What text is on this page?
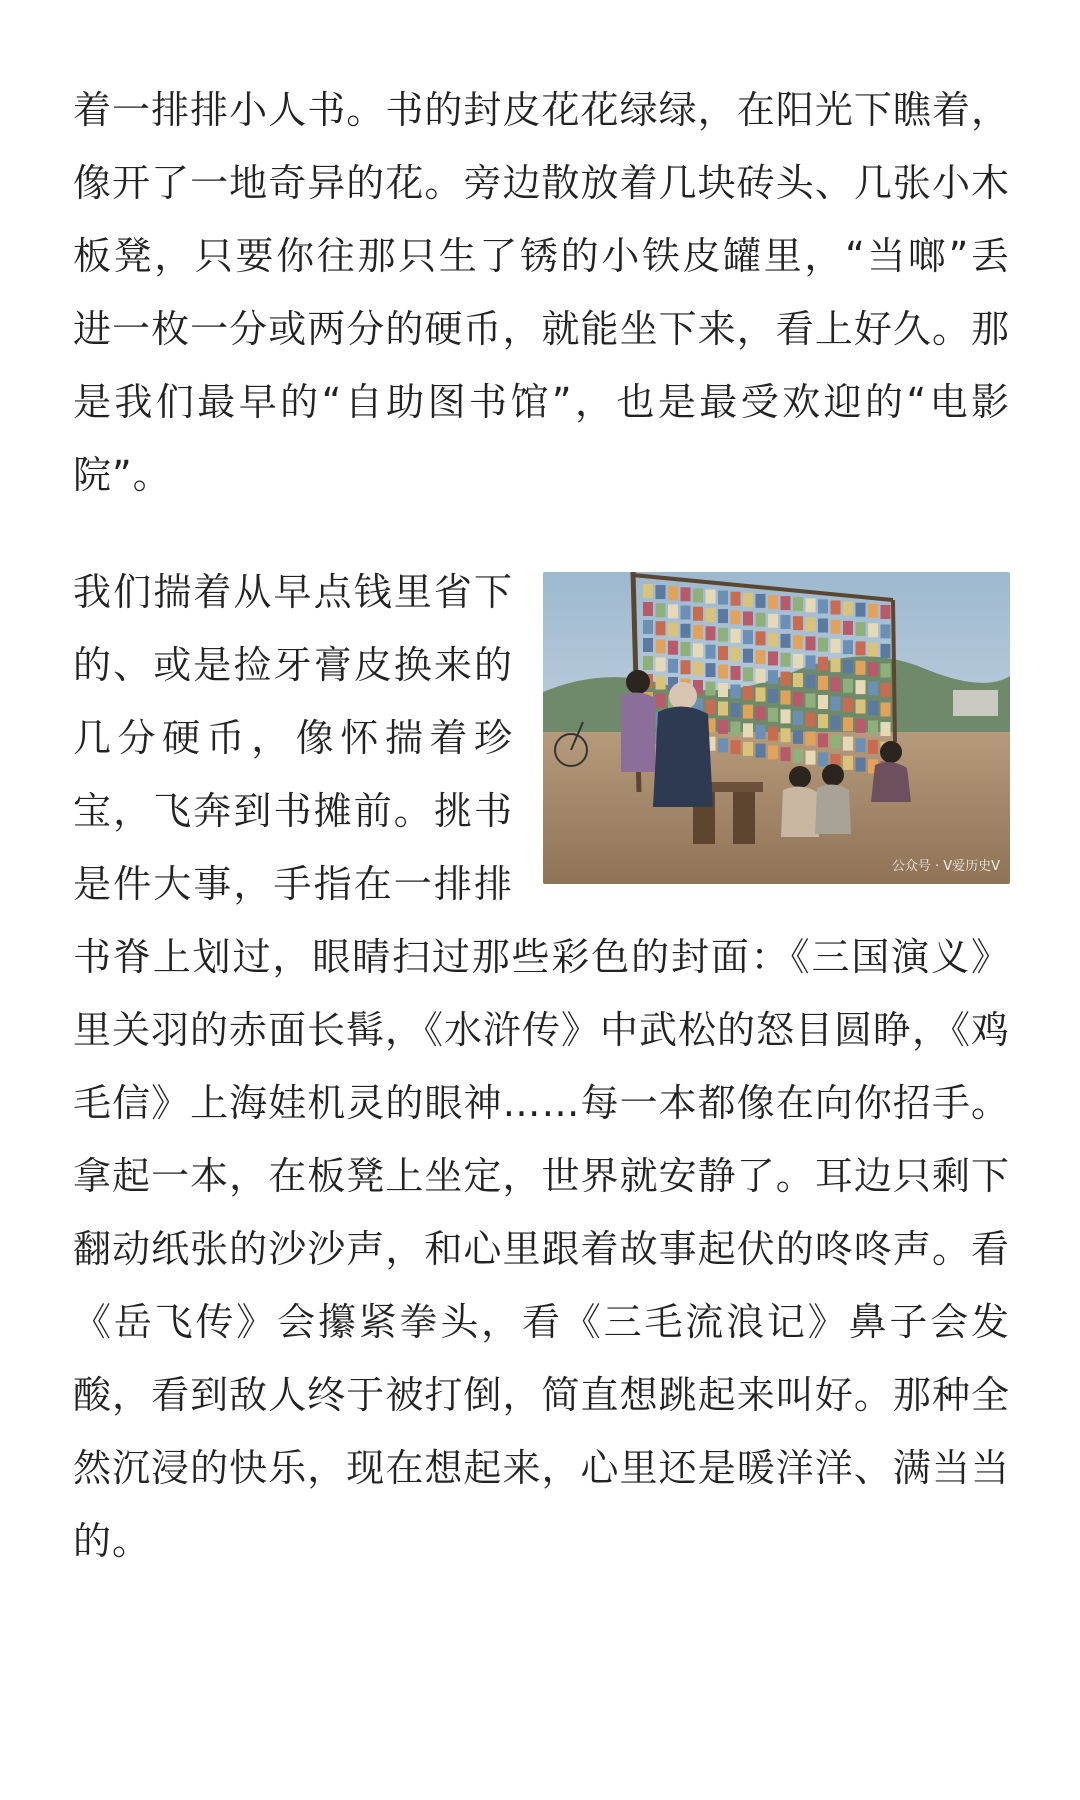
着一排排小人书。书的封皮花花绿绿，在阳光下瞧着，像开了一地奇异的花。旁边散放着几块砖头、几张小木板凳，只要你往那只生了锈的小铁皮罐里，“当啷”丢进一枚一分或两分的硬币，就能坐下来，看上好久。那是我们最早的“自助图书馆”，也是最受欢迎的“电影院”。

公众号 · V爱历史V

我们揣着从早点钱里省下的、或是捡牙膏皮换来的几分硬币，像怀揣着珍宝，飞奔到书摊前。挑书是件大事，手指在一排排书脊上划过，眼睛扫过那些彩色的封面：《三国演义》里关羽的赤面长髯，《水浒传》中武松的怒目圆睁，《鸡毛信》上海娃机灵的眼神……每一本都像在向你招手。拿起一本，在板凳上坐定，世界就安静了。耳边只剩下翻动纸张的沙沙声，和心里跟着故事起伏的咚咚声。看《岳飞传》会攥紧拳头，看《三毛流浪记》鼻子会发酸，看到敌人终于被打倒，简直想跳起来叫好。那种全然沉浸的快乐，现在想起来，心里还是暖洋洋、满当当的。
